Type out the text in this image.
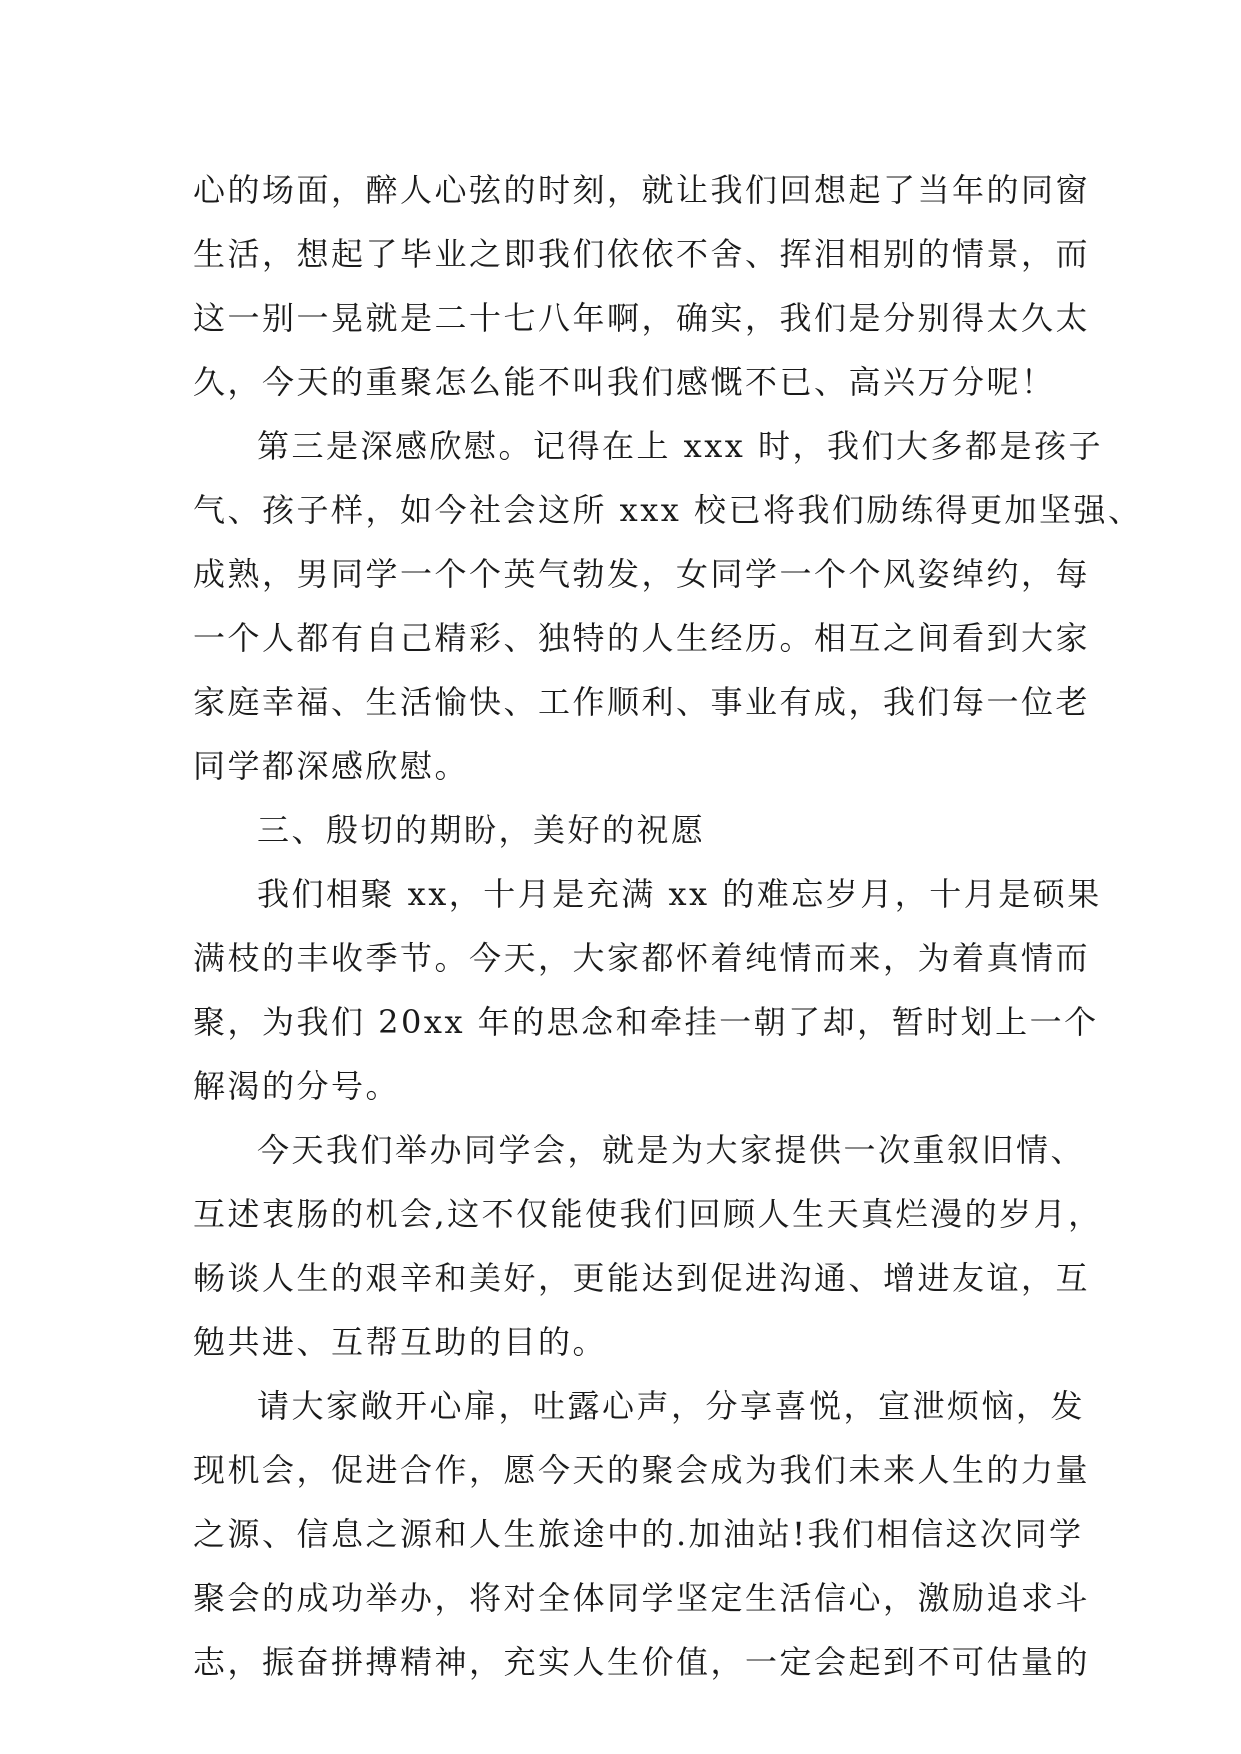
心的场面，醉人心弦的时刻，就让我们回想起了当年的同窗
生活，想起了毕业之即我们依依不舍、挥泪相别的情景，而
这一别一晃就是二十七八年啊，确实，我们是分别得太久太
久，今天的重聚怎么能不叫我们感慨不已、高兴万分呢！
第三是深感欣慰。记得在上 xxx 时，我们大多都是孩子
气、孩子样，如今社会这所 xxx 校已将我们励练得更加坚强、
成熟，男同学一个个英气勃发，女同学一个个风姿绰约，每
一个人都有自己精彩、独特的人生经历。相互之间看到大家
家庭幸福、生活愉快、工作顺利、事业有成，我们每一位老
同学都深感欣慰。
三、殷切的期盼，美好的祝愿
我们相聚 xx，十月是充满 xx 的难忘岁月，十月是硕果
满枝的丰收季节。今天，大家都怀着纯情而来，为着真情而
聚，为我们 20xx 年的思念和牵挂一朝了却，暂时划上一个
解渴的分号。
今天我们举办同学会，就是为大家提供一次重叙旧情、
互述衷肠的机会,这不仅能使我们回顾人生天真烂漫的岁月，
畅谈人生的艰辛和美好，更能达到促进沟通、增进友谊，互
勉共进、互帮互助的目的。
请大家敞开心扉，吐露心声，分享喜悦，宣泄烦恼，发
现机会，促进合作，愿今天的聚会成为我们未来人生的力量
之源、信息之源和人生旅途中的.加油站!我们相信这次同学
聚会的成功举办，将对全体同学坚定生活信心，激励追求斗
志，振奋拼搏精神，充实人生价值，一定会起到不可估量的
